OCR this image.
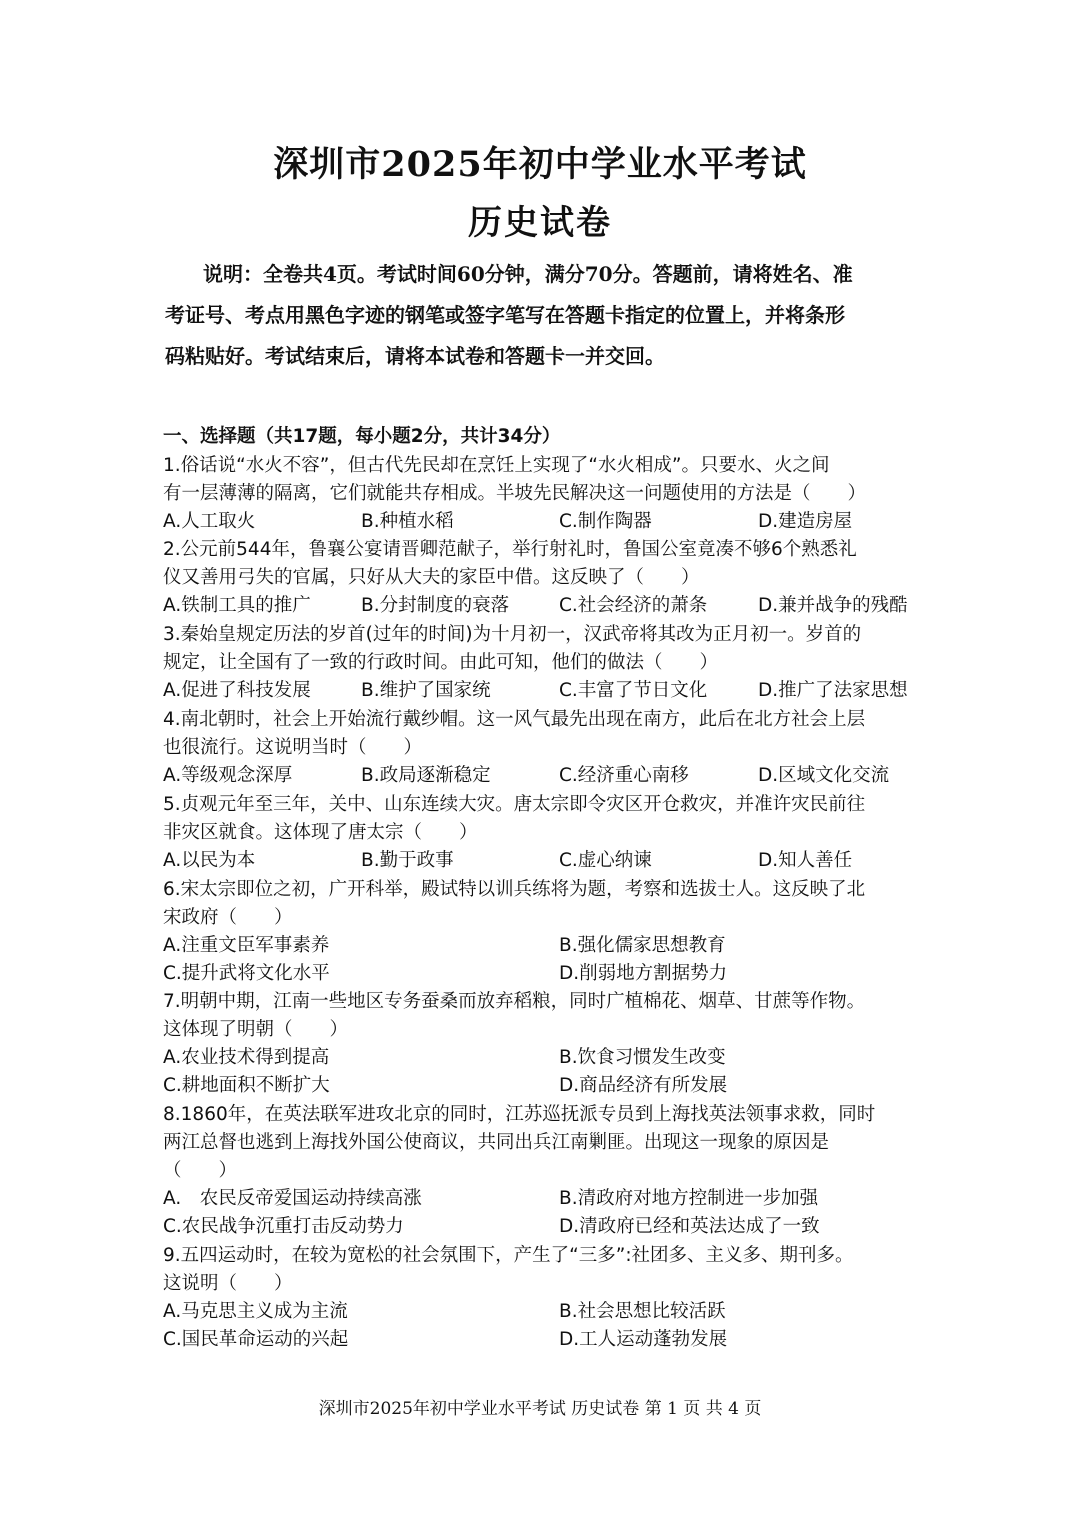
深圳市2025年初中学业水平考试
历史试卷
说明：全卷共4页。考试时间60分钟，满分70分。答题前，请将姓名、准
考证号、考点用黑色字迹的钢笔或签字笔写在答题卡指定的位置上，并将条形
码粘贴好。考试结束后，请将本试卷和答题卡一并交回。
一、选择题（共17题，每小题2分，共计34分）
1.俗话说“水火不容”，但古代先民却在烹饪上实现了“水火相成”。只要水、火之间
有一层薄薄的隔离，它们就能共存相成。半坡先民解决这一问题使用的方法是（　　）
A.人工取火	B.种植水稻	C.制作陶器	D.建造房屋
2.公元前544年，鲁襄公宴请晋卿范献子，举行射礼时，鲁国公室竟凑不够6个熟悉礼
仪又善用弓失的官属，只好从大夫的家臣中借。这反映了（　　）
A.铁制工具的推广	B.分封制度的衰落	C.社会经济的萧条	D.兼并战争的残酷
3.秦始皇规定历法的岁首(过年的时间)为十月初一，汉武帝将其改为正月初一。岁首的
规定，让全国有了一致的行政时间。由此可知，他们的做法（　　）
A.促进了科技发展	B.维护了国家统	C.丰富了节日文化	D.推广了法家思想
4.南北朝时，社会上开始流行戴纱帽。这一风气最先出现在南方，此后在北方社会上层
也很流行。这说明当时（　　）
A.等级观念深厚	B.政局逐渐稳定	C.经济重心南移	D.区域文化交流
5.贞观元年至三年，关中、山东连续大灾。唐太宗即令灾区开仓救灾，并准许灾民前往
非灾区就食。这体现了唐太宗（　　）
A.以民为本	B.勤于政事	C.虚心纳谏	D.知人善任
6.宋太宗即位之初，广开科举，殿试特以训兵练将为题，考察和选拔士人。这反映了北
宋政府（　　）
A.注重文臣军事素养	B.强化儒家思想教育
C.提升武将文化水平	D.削弱地方割据势力
7.明朝中期，江南一些地区专务蚕桑而放弃稻粮，同时广植棉花、烟草、甘蔗等作物。
这体现了明朝（　　）
A.农业技术得到提高	B.饮食习惯发生改变
C.耕地面积不断扩大	D.商品经济有所发展
8.1860年，在英法联军进攻北京的同时，江苏巡抚派专员到上海找英法领事求救，同时
两江总督也逃到上海找外国公使商议，共同出兵江南剿匪。出现这一现象的原因是
（　　）
A.　农民反帝爱国运动持续高涨	B.清政府对地方控制进一步加强
C.农民战争沉重打击反动势力	D.清政府已经和英法达成了一致
9.五四运动时，在较为宽松的社会氛围下，产生了“三多”:社团多、主义多、期刊多。
这说明（　　）
A.马克思主义成为主流	B.社会思想比较活跃
C.国民革命运动的兴起	D.工人运动蓬勃发展
深圳市2025年初中学业水平考试 历史试卷 第 1 页 共 4 页
